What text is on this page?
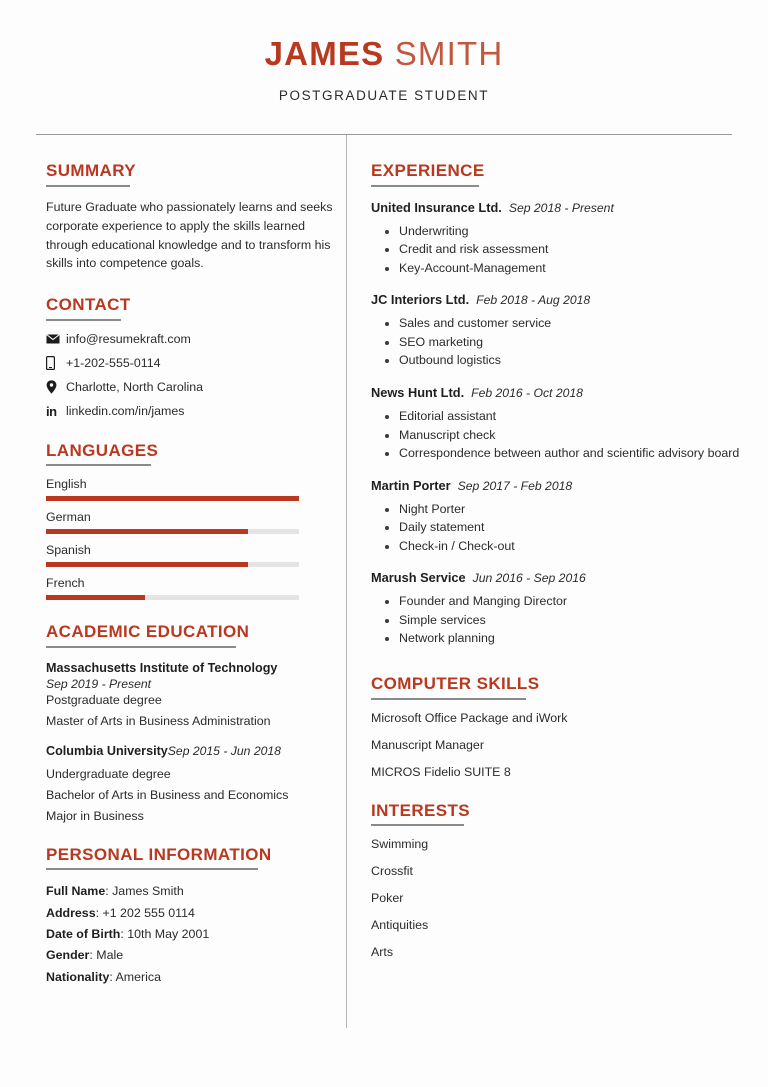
JAMES SMITH
POSTGRADUATE STUDENT
SUMMARY
Future Graduate who passionately learns and seeks corporate experience to apply the skills learned through educational knowledge and to transform his skills into competence goals.
CONTACT
info@resumekraft.com
+1-202-555-0114
Charlotte, North Carolina
in linkedin.com/in/james
LANGUAGES
English
German
Spanish
French
ACADEMIC EDUCATION
Massachusetts Institute of Technology
Sep 2019 - Present
Postgraduate degree
Master of Arts in Business Administration
Columbia UniversitySep 2015 - Jun 2018
Undergraduate degree
Bachelor of Arts in Business and Economics
Major in Business
PERSONAL INFORMATION
Full Name: James Smith
Address: +1 202 555 0114
Date of Birth: 10th May 2001
Gender: Male
Nationality: America
EXPERIENCE
United Insurance Ltd. Sep 2018 - Present
Underwriting
Credit and risk assessment
Key-Account-Management
JC Interiors Ltd. Feb 2018 - Aug 2018
Sales and customer service
SEO marketing
Outbound logistics
News Hunt Ltd. Feb 2016 - Oct 2018
Editorial assistant
Manuscript check
Correspondence between author and scientific advisory board
Martin Porter Sep 2017 - Feb 2018
Night Porter
Daily statement
Check-in / Check-out
Marush Service Jun 2016 - Sep 2016
Founder and Manging Director
Simple services
Network planning
COMPUTER SKILLS
Microsoft Office Package and iWork
Manuscript Manager
MICROS Fidelio SUITE 8
INTERESTS
Swimming
Crossfit
Poker
Antiquities
Arts
